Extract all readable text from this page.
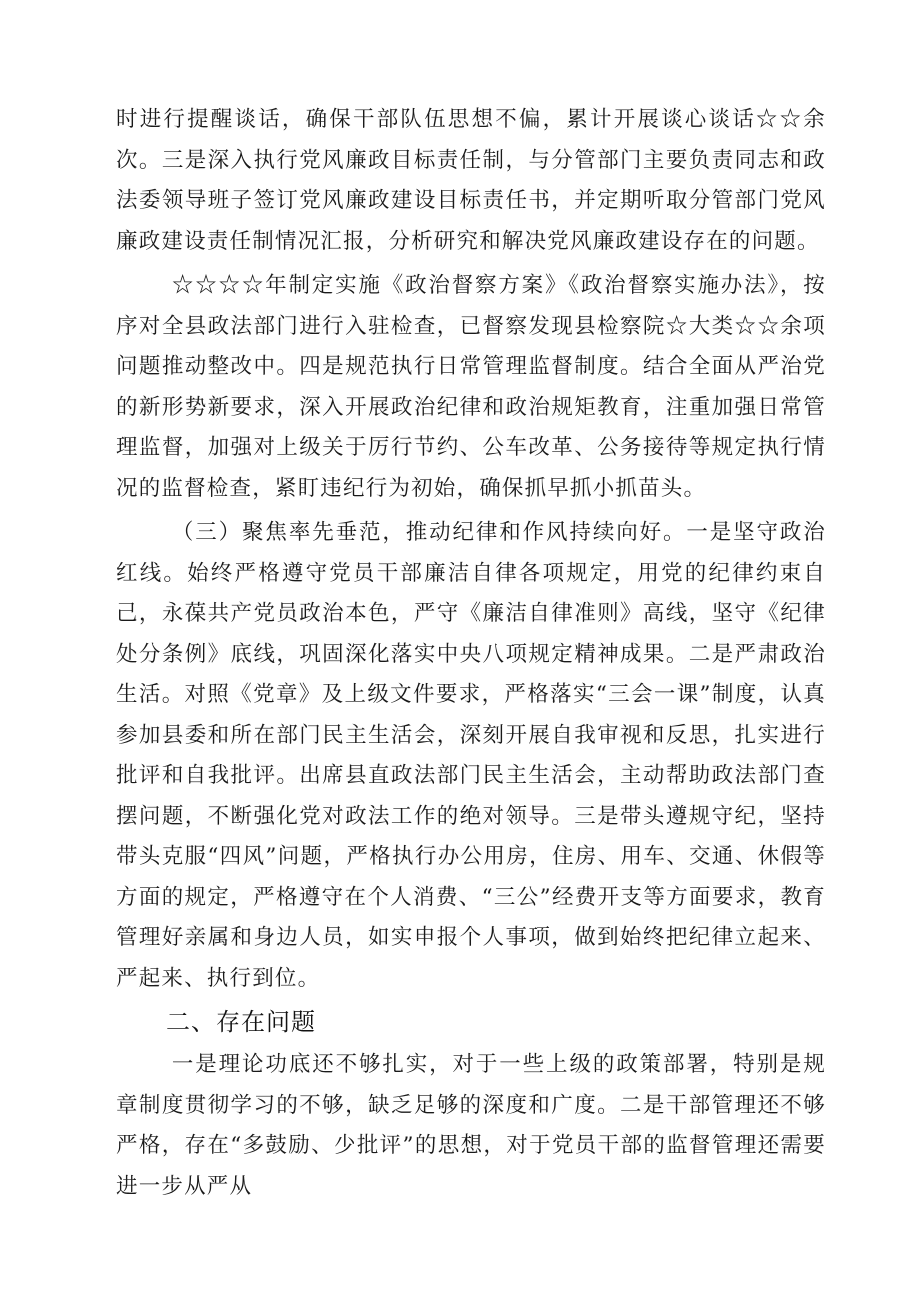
时进行提醒谈话，确保干部队伍思想不偏，累计开展谈心谈话☆☆余次。三是深入执行党风廉政目标责任制，与分管部门主要负责同志和政法委领导班子签订党风廉政建设目标责任书，并定期听取分管部门党风廉政建设责任制情况汇报，分析研究和解决党风廉政建设存在的问题。

☆☆☆☆年制定实施《政治督察方案》《政治督察实施办法》，按序对全县政法部门进行入驻检查，已督察发现县检察院☆大类☆☆余项问题推动整改中。四是规范执行日常管理监督制度。结合全面从严治党的新形势新要求，深入开展政治纪律和政治规矩教育，注重加强日常管理监督，加强对上级关于厉行节约、公车改革、公务接待等规定执行情况的监督检查，紧盯违纪行为初始，确保抓早抓小抓苗头。

（三）聚焦率先垂范，推动纪律和作风持续向好。一是坚守政治红线。始终严格遵守党员干部廉洁自律各项规定，用党的纪律约束自己，永葆共产党员政治本色，严守《廉洁自律准则》高线，坚守《纪律处分条例》底线，巩固深化落实中央八项规定精神成果。二是严肃政治生活。对照《党章》及上级文件要求，严格落实“三会一课”制度，认真参加县委和所在部门民主生活会，深刻开展自我审视和反思，扎实进行批评和自我批评。出席县直政法部门民主生活会，主动帮助政法部门查摆问题，不断强化党对政法工作的绝对领导。三是带头遵规守纪，坚持带头克服“四风”问题，严格执行办公用房，住房、用车、交通、休假等方面的规定，严格遵守在个人消费、“三公”经费开支等方面要求，教育管理好亲属和身边人员，如实申报个人事项，做到始终把纪律立起来、严起来、执行到位。

二、存在问题

一是理论功底还不够扎实，对于一些上级的政策部署，特别是规章制度贯彻学习的不够，缺乏足够的深度和广度。二是干部管理还不够严格，存在“多鼓励、少批评”的思想，对于党员干部的监督管理还需要进一步从严从
